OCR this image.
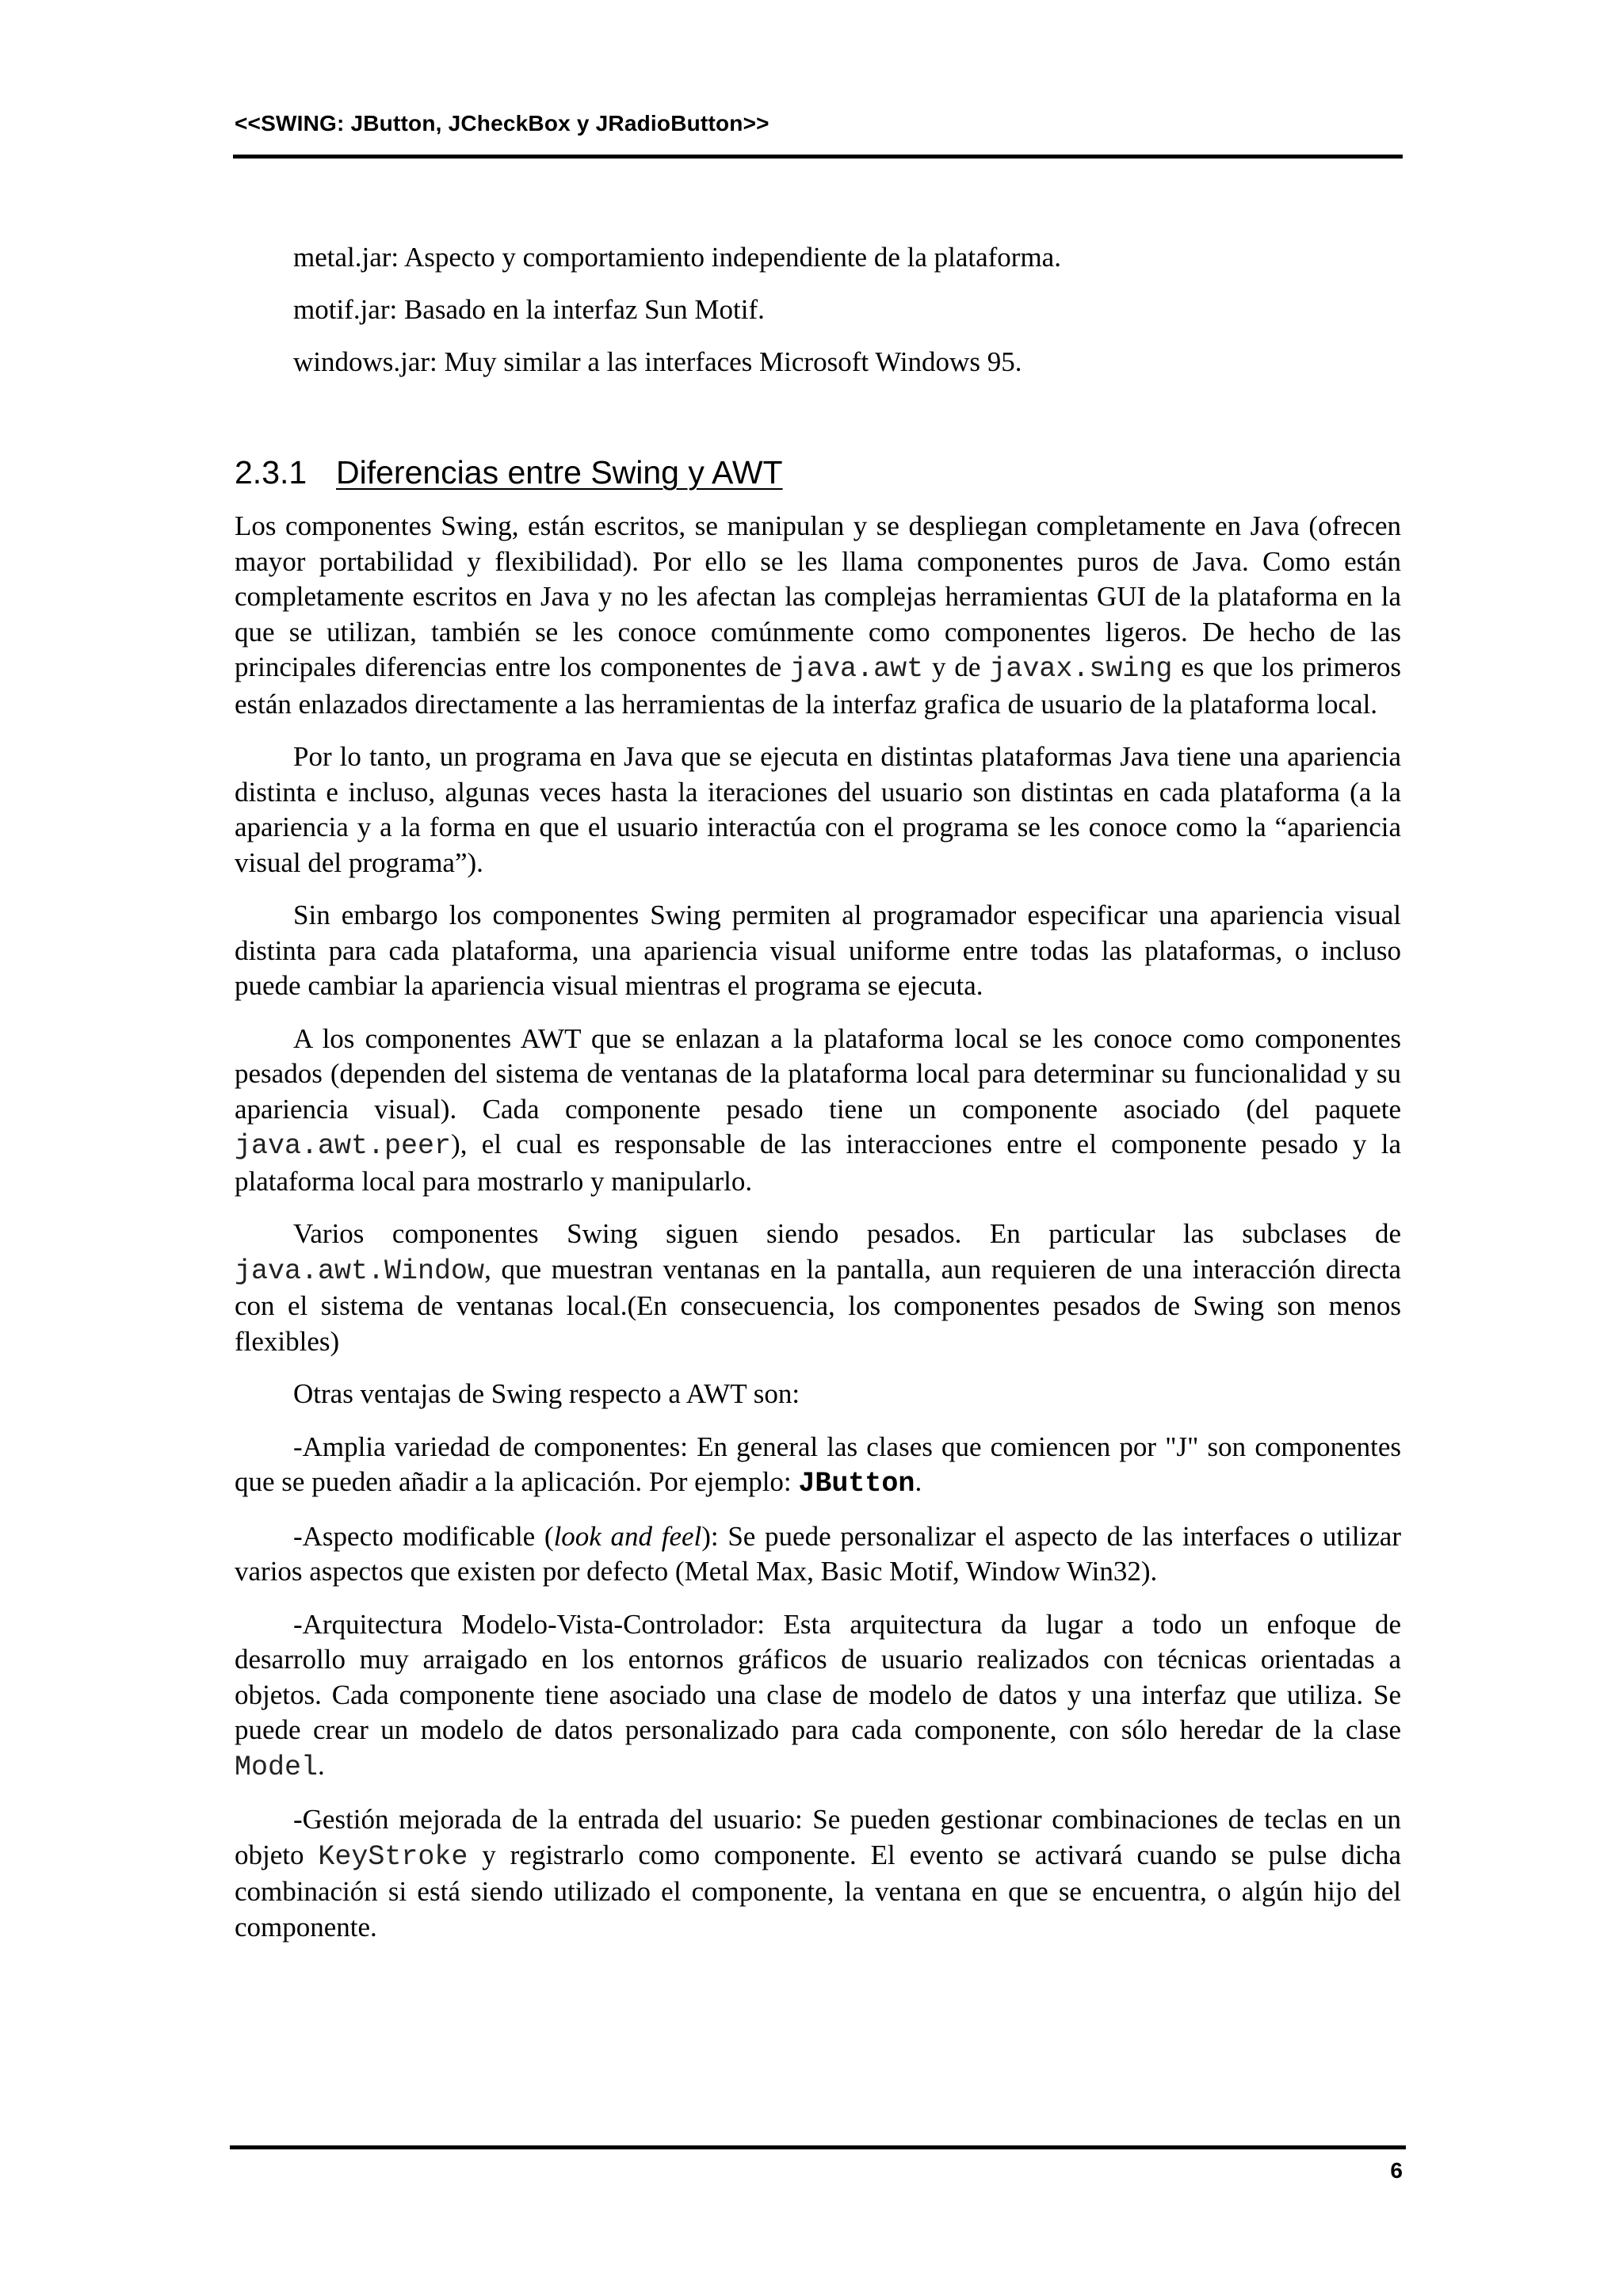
<<SWING: JButton, JCheckBox y JRadioButton>>
metal.jar: Aspecto y comportamiento independiente de la plataforma.
motif.jar: Basado en la interfaz Sun Motif.
windows.jar: Muy similar a las interfaces Microsoft Windows 95.
2.3.1 Diferencias entre Swing y AWT

Los componentes Swing, están escritos, se manipulan y se despliegan completamente en Java (ofrecen mayor portabilidad y flexibilidad). Por ello se les llama componentes puros de Java. Como están completamente escritos en Java y no les afectan las complejas herramientas GUI de la plataforma en la que se utilizan, también se les conoce comúnmente como componentes ligeros. De hecho de las principales diferencias entre los componentes de java.awt y de javax.swing es que los primeros están enlazados directamente a las herramientas de la interfaz grafica de usuario de la plataforma local.

Por lo tanto, un programa en Java que se ejecuta en distintas plataformas Java tiene una apariencia distinta e incluso, algunas veces hasta la iteraciones del usuario son distintas en cada plataforma (a la apariencia y a la forma en que el usuario interactúa con el programa se les conoce como la “apariencia visual del programa”).

Sin embargo los componentes Swing permiten al programador especificar una apariencia visual distinta para cada plataforma, una apariencia visual uniforme entre todas las plataformas, o incluso puede cambiar la apariencia visual mientras el programa se ejecuta.

A los componentes AWT que se enlazan a la plataforma local se les conoce como componentes pesados (dependen del sistema de ventanas de la plataforma local para determinar su funcionalidad y su apariencia visual). Cada componente pesado tiene un componente asociado (del paquete java.awt.peer), el cual es responsable de las interacciones entre el componente pesado y la plataforma local para mostrarlo y manipularlo.

Varios componentes Swing siguen siendo pesados. En particular las subclases de java.awt.Window, que muestran ventanas en la pantalla, aun requieren de una interacción directa con el sistema de ventanas local.(En consecuencia, los componentes pesados de Swing son menos flexibles)

Otras ventajas de Swing respecto a AWT son:

-Amplia variedad de componentes: En general las clases que comiencen por "J" son componentes que se pueden añadir a la aplicación. Por ejemplo: JButton.

-Aspecto modificable (look and feel): Se puede personalizar el aspecto de las interfaces o utilizar varios aspectos que existen por defecto (Metal Max, Basic Motif, Window Win32).

-Arquitectura Modelo-Vista-Controlador: Esta arquitectura da lugar a todo un enfoque de desarrollo muy arraigado en los entornos gráficos de usuario realizados con técnicas orientadas a objetos. Cada componente tiene asociado una clase de modelo de datos y una interfaz que utiliza. Se puede crear un modelo de datos personalizado para cada componente, con sólo heredar de la clase Model.

-Gestión mejorada de la entrada del usuario: Se pueden gestionar combinaciones de teclas en un objeto KeyStroke y registrarlo como componente. El evento se activará cuando se pulse dicha combinación si está siendo utilizado el componente, la ventana en que se encuentra, o algún hijo del componente.

6
